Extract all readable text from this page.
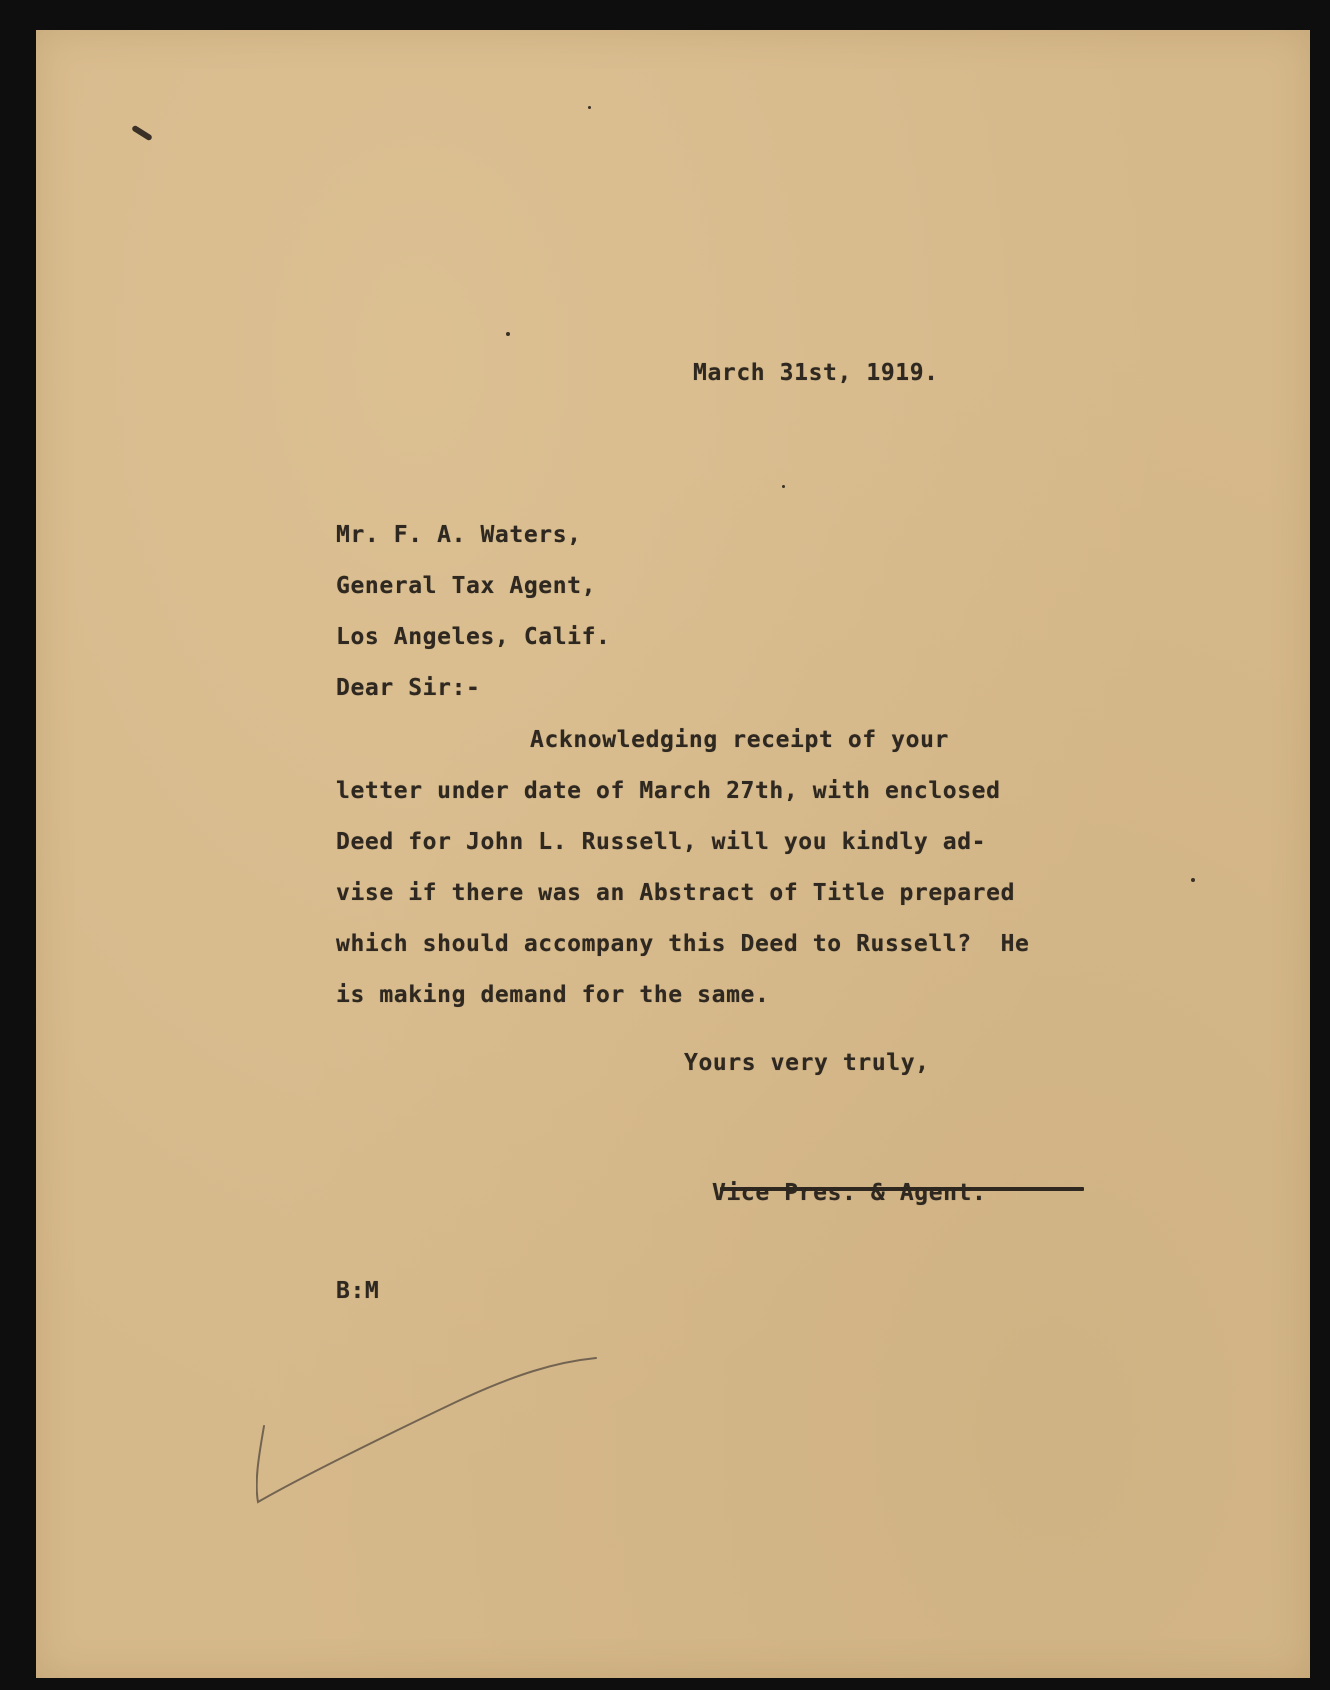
March 31st, 1919.
Mr. F. A. Waters,
General Tax Agent,
Los Angeles, Calif.
Dear Sir:-
Acknowledging receipt of your
letter under date of March 27th, with enclosed
Deed for John L. Russell, will you kindly ad-
vise if there was an Abstract of Title prepared
which should accompany this Deed to Russell?  He
is making demand for the same.
Yours very truly,
Vice Pres. & Agent.
B:M
